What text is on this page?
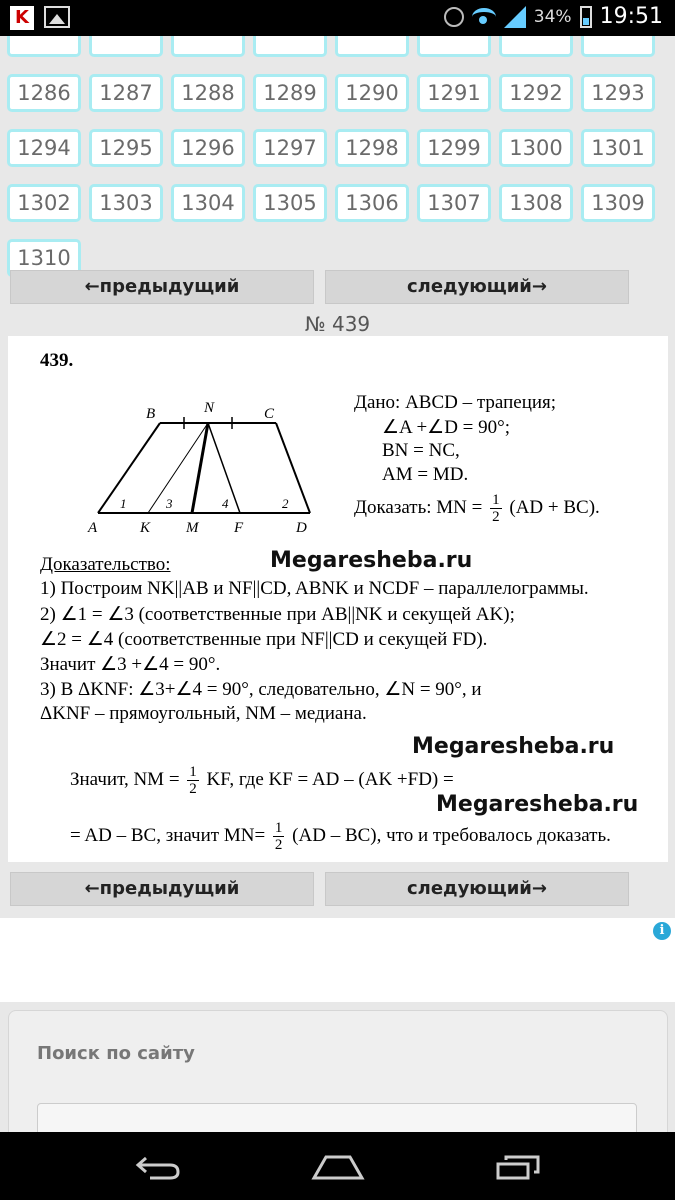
K	34% 19:51
1286	1287	1288	1289	1290	1291	1292	1293
1294	1295	1296	1297	1298	1299	1300	1301
1302	1303	1304	1305	1306	1307	1308	1309
1310
←предыдущий	следующий→
№ 439
439.
B	N	C
A	K M F	D
1	3	4	2
Дано: ABCD – трапеция;
∠A +∠D = 90°;
BN = NC,
AM = MD.
Доказать: MN = $\frac{1}{2} (AD + BC)$.
Доказательство:	Megaresheba.ru
1) Построим NK||AB и NF||CD, ABNK и NCDF – параллелограммы.
2) ∠1 = ∠3 (соответственные при AB||NK и секущей AK);
∠2 = ∠4 (соответственные при NF||CD и секущей FD).
Значит ∠3 +∠4 = 90°.
3) В ΔKNF: ∠3+∠4 = 90°, следовательно, ∠N = 90°, и
ΔKNF – прямоугольный, NM – медиана.
Megaresheba.ru
Значит, NM = $\frac{1}{2}$ KF, где KF = AD – (AK +FD) =
Megaresheba.ru
= AD – BC, значит $MN= \frac{1}{2} (AD - BC)$, что и требовалось доказать.
←предыдущий	следующий→
i
Поиск по сайту
